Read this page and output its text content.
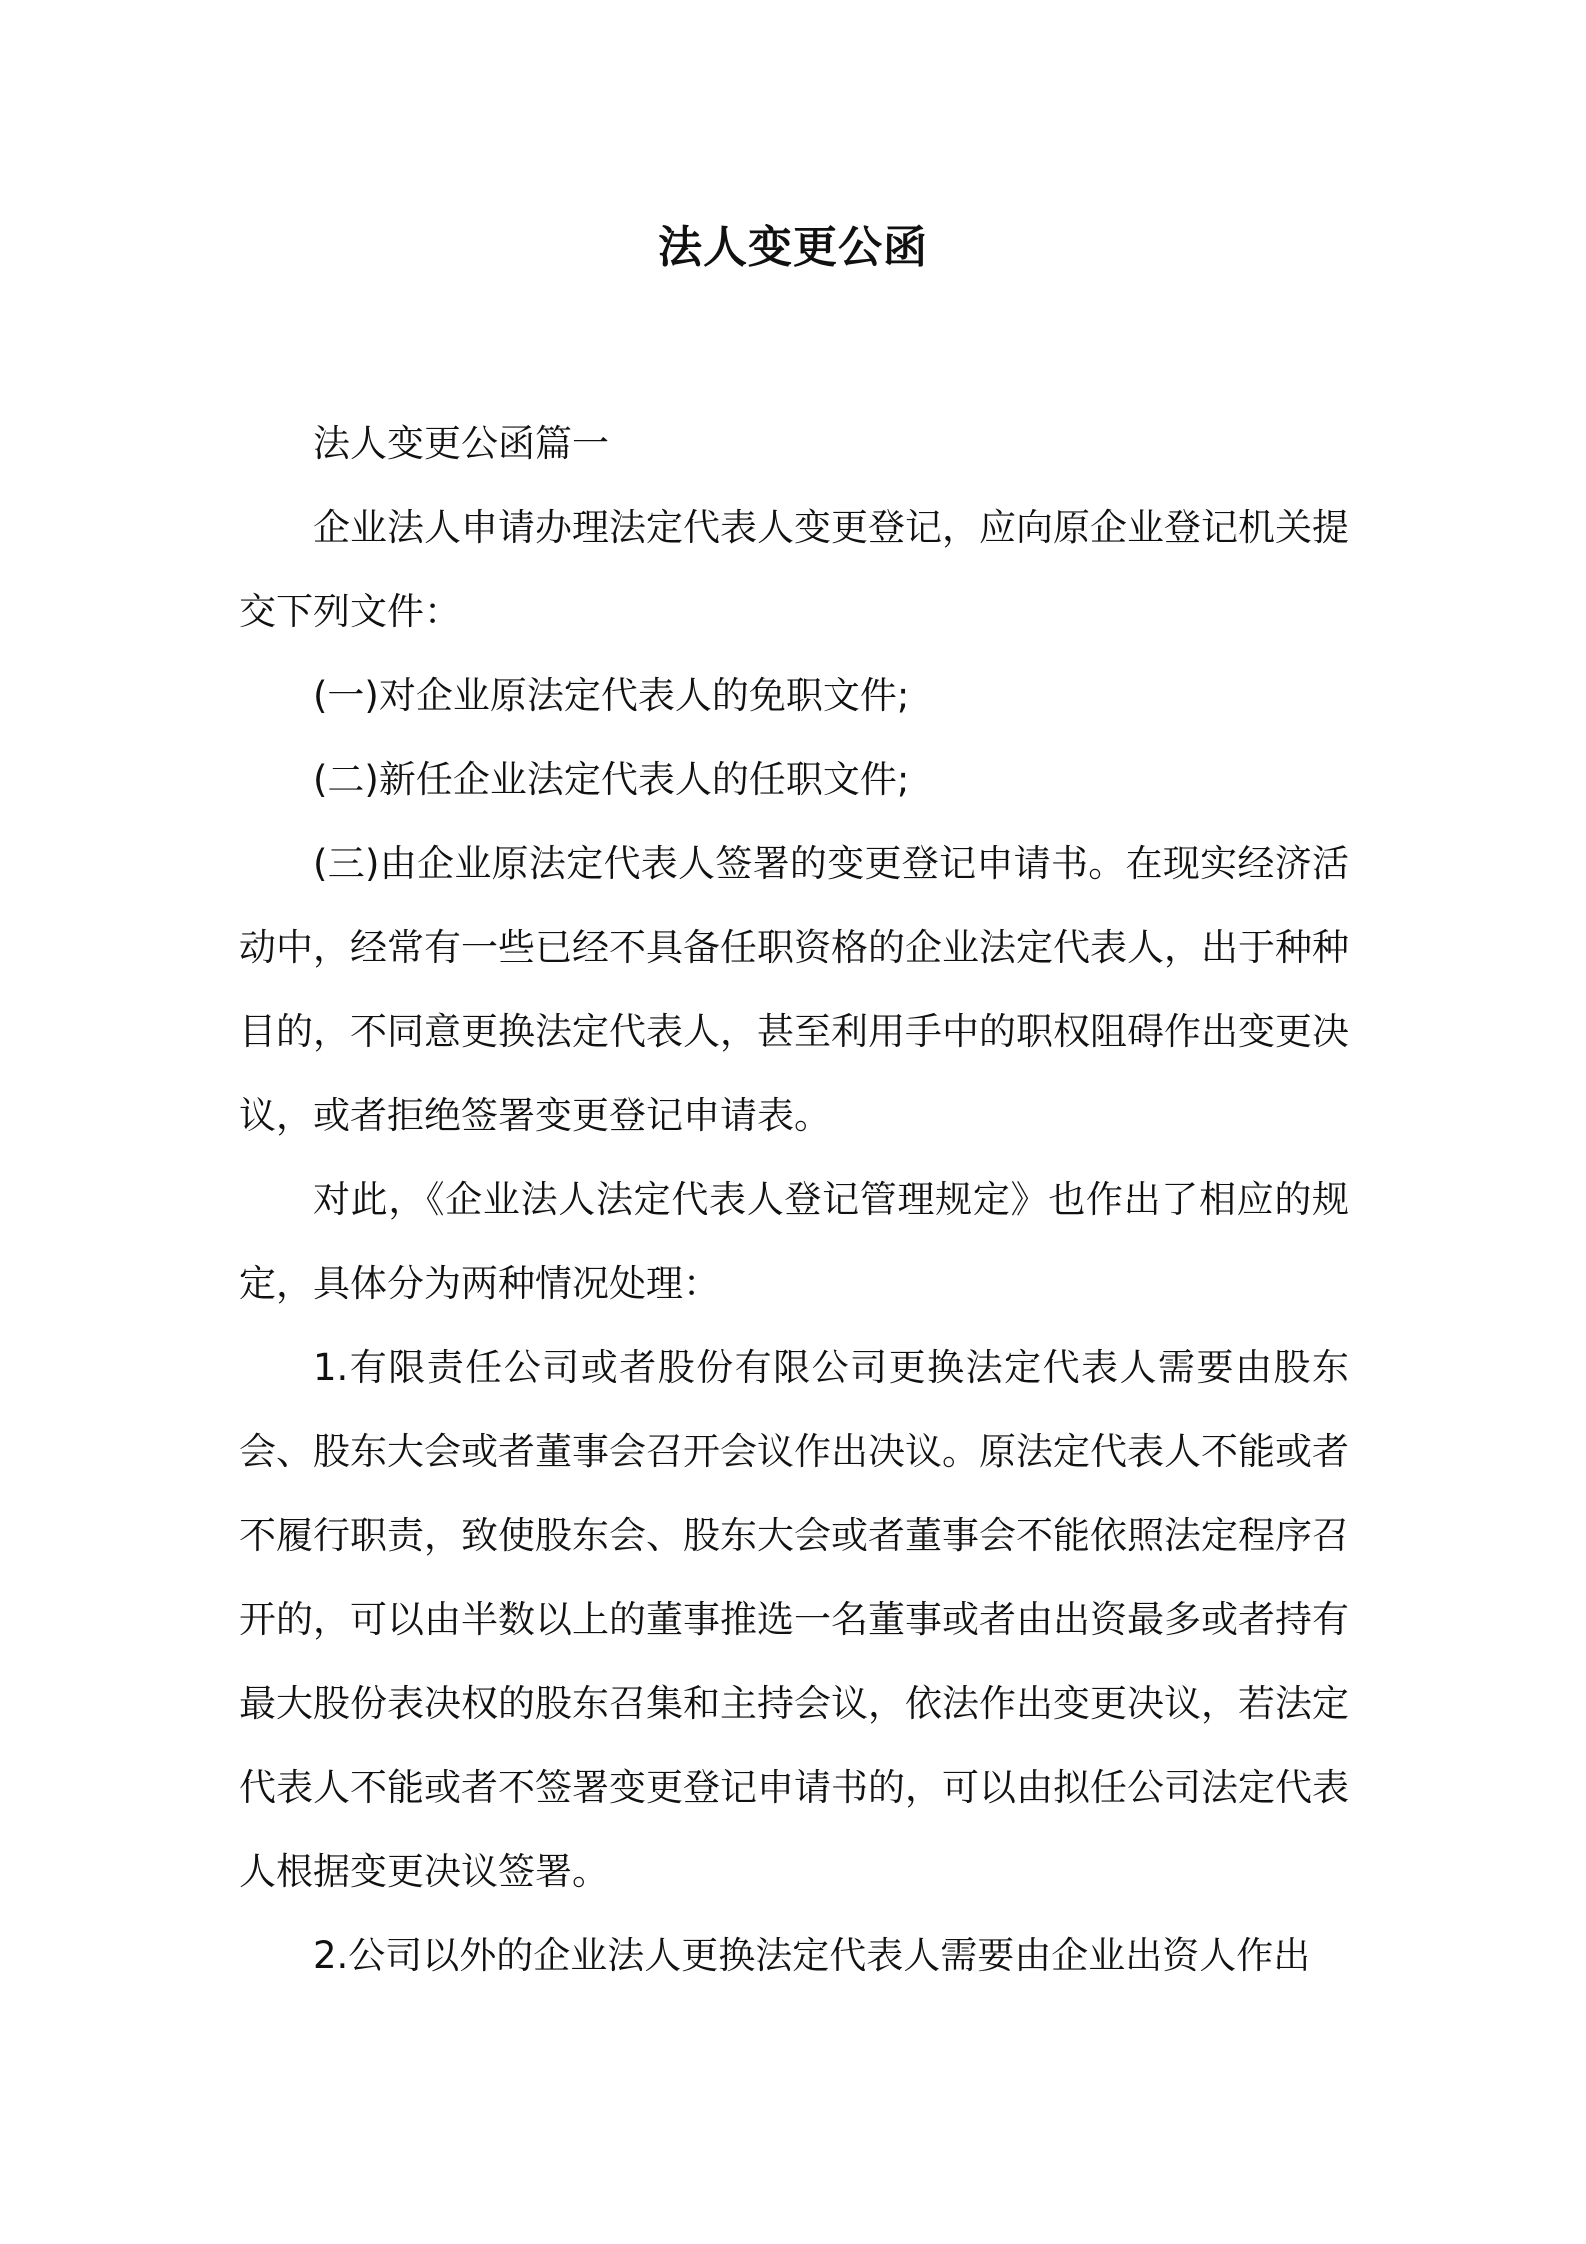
法人变更公函

法人变更公函篇一

企业法人申请办理法定代表人变更登记，应向原企业登记机关提交下列文件：

(一)对企业原法定代表人的免职文件;

(二)新任企业法定代表人的任职文件;

(三)由企业原法定代表人签署的变更登记申请书。在现实经济活动中，经常有一些已经不具备任职资格的企业法定代表人，出于种种目的，不同意更换法定代表人，甚至利用手中的职权阻碍作出变更决议，或者拒绝签署变更登记申请表。

对此，《企业法人法定代表人登记管理规定》也作出了相应的规定，具体分为两种情况处理：

1.有限责任公司或者股份有限公司更换法定代表人需要由股东会、股东大会或者董事会召开会议作出决议。原法定代表人不能或者不履行职责，致使股东会、股东大会或者董事会不能依照法定程序召开的，可以由半数以上的董事推选一名董事或者由出资最多或者持有最大股份表决权的股东召集和主持会议，依法作出变更决议，若法定代表人不能或者不签署变更登记申请书的，可以由拟任公司法定代表人根据变更决议签署。

2.公司以外的企业法人更换法定代表人需要由企业出资人作出
